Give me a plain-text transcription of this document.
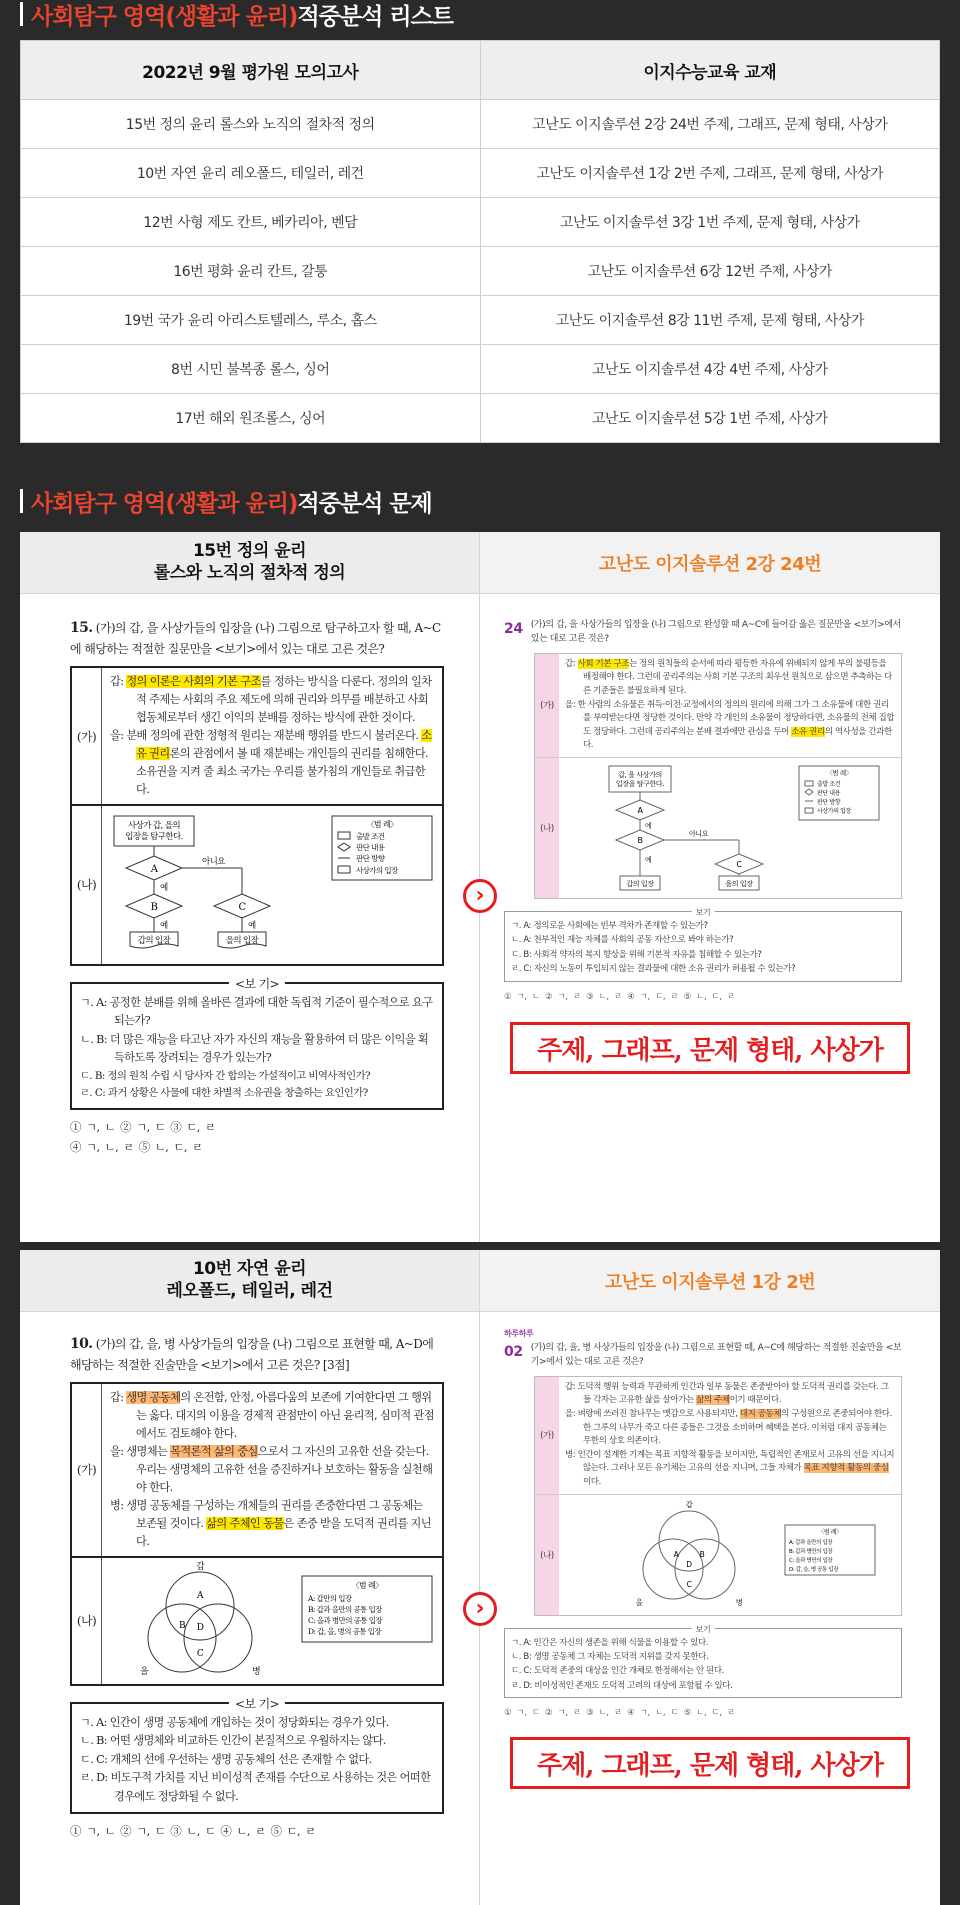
사회탐구 영역(생활과 윤리) 적중분석 리스트
2022년 9월 평가원 모의고사	이지수능교육 교재
15번 정의 윤리 롤스와 노직의 절차적 정의	고난도 이지솔루션 2강 24번 주제, 그래프, 문제 형태, 사상가
10번 자연 윤리 레오폴드, 테일러, 레건	고난도 이지솔루션 1강 2번 주제, 그래프, 문제 형태, 사상가
12번 사형 제도 칸트, 베카리아, 벤담	고난도 이지솔루션 3강 1번 주제, 문제 형태, 사상가
16번 평화 윤리 칸트, 갈퉁	고난도 이지솔루션 6강 12번 주제, 사상가
19번 국가 윤리 아리스토텔레스, 루소, 홉스	고난도 이지솔루션 8강 11번 주제, 문제 형태, 사상가
8번 시민 불복종 롤스, 싱어	고난도 이지솔루션 4강 4번 주제, 사상가
17번 해외 원조롤스, 싱어	고난도 이지솔루션 5강 1번 주제, 사상가
사회탐구 영역(생활과 윤리) 적중분석 문제
15번 정의 윤리
롤스와 노직의 절차적 정의	고난도 이지솔루션 2강 24번
15. (가)의 갑, 을 사상가들의 입장을 (나) 그림으로 탐구하고자 할 때, A~C에 해당하는 적절한 질문만을 <보기>에서 있는 대로 고른 것은?
(가)
갑: 정의 이론은 사회의 기본 구조를 정하는 방식을 다룬다. 정의의 일차적 주제는 사회의 주요 제도에 의해 권리와 의무를 배분하고 사회 협동체로부터 생긴 이익의 분배를 정하는 방식에 관한 것이다.
을: 분배 정의에 관한 정형적 원리는 재분배 행위를 반드시 불러온다. 소유 권리론의 관점에서 볼 때 재분배는 개인들의 권리를 침해한다. 소유권을 지켜 줄 최소 국가는 우리를 불가침의 개인들로 취급한다.
(나)
사상가 갑, 을의 입장을 탐구한다.
A
아니요
예
B	C
예	예
갑의 입장	을의 입장
〈범 례〉
출발 조건
판단 내용
판단 방향
사상가의 입장
<보 기>
ㄱ. A: 공정한 분배를 위해 올바른 결과에 대한 독립적 기준이 필수적으로 요구되는가?
ㄴ. B: 더 많은 재능을 타고난 자가 자신의 재능을 활용하여 더 많은 이익을 획득하도록 장려되는 경우가 있는가?
ㄷ. B: 정의 원칙 수립 시 당사자 간 합의는 가설적이고 비역사적인가?
ㄹ. C: 과거 상황은 사물에 대한 차별적 소유권을 창출하는 요인인가?
① ㄱ, ㄴ ② ㄱ, ㄷ ③ ㄷ, ㄹ
④ ㄱ, ㄴ, ㄹ ⑤ ㄴ, ㄷ, ㄹ
24 (가)의 갑, 을 사상가들의 입장을 (나) 그림으로 완성할 때 A~C에 들어갈 옳은 질문만을 <보기>에서 있는 대로 고른 것은?
(가)
갑: 사회 기본 구조는 정의 원칙들의 순서에 따라 평등한 자유에 위배되지 않게 부의 불평등을 배정해야 한다. 그런데 공리주의는 사회 기본 구조의 최우선 원칙으로 삼으면 추측하는 다른 기준들은 불필요하게 된다.
을: 한 사람의 소유물은 취득·이전·교정에서의 정의의 원리에 의해 그가 그 소유물에 대한 권리를 부여받는다면 정당한 것이다. 만약 각 개인의 소유물이 정당하다면, 소유물의 전체 집합도 정당하다. 그런데 공리주의는 분배 결과에만 관심을 두어 소유 권리의 역사성을 간과한다.
(나)
갑, 을 사상가의 입장을 탐구한다.
A
예
B
아니요
C
예
갑의 입장	을의 입장
〈범 례〉
출발 조건
판단 내용
판단 방향
사상가의 입장
보기
ㄱ. A: 정의로운 사회에는 빈부 격차가 존재할 수 있는가?
ㄴ. A: 천부적인 재능 자체를 사회의 공동 자산으로 봐야 하는가?
ㄷ. B: 사회적 약자의 복지 향상을 위해 기본적 자유를 침해할 수 있는가?
ㄹ. C: 자신의 노동이 투입되지 않는 결과물에 대한 소유 권리가 허용될 수 있는가?
① ㄱ, ㄴ ② ㄱ, ㄹ ③ ㄴ, ㄹ ④ ㄱ, ㄷ, ㄹ ⑤ ㄴ, ㄷ, ㄹ
주제, 그래프, 문제 형태, 사상가
›
10번 자연 윤리
레오폴드, 테일러, 레건	고난도 이지솔루션 1강 2번
10. (가)의 갑, 을, 병 사상가들의 입장을 (나) 그림으로 표현할 때, A~D에 해당하는 적절한 진술만을 <보기>에서 고른 것은? [3점]
(가)
갑: 생명 공동체의 온전함, 안정, 아름다움의 보존에 기여한다면 그 행위는 옳다. 대지의 이용을 경제적 관점만이 아닌 윤리적, 심미적 관점에서도 검토해야 한다.
을: 생명체는 목적론적 삶의 중심으로서 그 자신의 고유한 선을 갖는다. 우리는 생명체의 고유한 선을 증진하거나 보호하는 활동을 실천해야 한다.
병: 생명 공동체를 구성하는 개체들의 권리를 존중한다면 그 공동체는 보존될 것이다. 삶의 주체인 동물은 존중 받을 도덕적 권리를 지닌다.
(나)
갑
을	병
A
B
C
D
〈범 례〉
A: 갑만의 입장
B: 갑과 을만의 공통 입장
C: 을과 병만의 공통 입장
D: 갑, 을, 병의 공통 입장
<보 기>
ㄱ. A: 인간이 생명 공동체에 개입하는 것이 정당화되는 경우가 있다.
ㄴ. B: 어떤 생명체와 비교하든 인간이 본질적으로 우월하지는 않다.
ㄷ. C: 개체의 선에 우선하는 생명 공동체의 선은 존재할 수 없다.
ㄹ. D: 비도구적 가치를 지닌 비이성적 존재를 수단으로 사용하는 것은 어떠한 경우에도 정당화될 수 없다.
① ㄱ, ㄴ ② ㄱ, ㄷ ③ ㄴ, ㄷ ④ ㄴ, ㄹ ⑤ ㄷ, ㄹ
하루하루
02 (가)의 갑, 을, 병 사상가들의 입장을 (나) 그림으로 표현할 때, A~C에 해당하는 적절한 진술만을 <보기>에서 있는 대로 고른 것은?
(가)
갑: 도덕적 행위 능력과 무관하게 인간과 일부 동물은 존중받아야 할 도덕적 권리를 갖는다. 그들 각자는 고유한 삶을 살아가는 삶의 주체이기 때문이다.
을: 벼랑에 쓰러진 참나무는 멧감으로 사용되지만, 대지 공동체의 구성원으로 존중되어야 한다. 한 그루의 나무가 죽고 다른 종들은 그것을 소비하며 혜택을 본다. 이처럼 대지 공동체는 무한의 상호 의존이다.
병: 인간이 설계한 기계는 목표 지향적 활동을 보이지만, 독립적인 존재로서 고유의 선을 지니지 않는다. 그러나 모든 유기체는 고유의 선을 지니며, 그들 자체가 목표 지향적 활동의 중심이다.
(나)
갑
을	병
A	B
C
D
〈범 례〉
A: 갑과 을만의 입장
B: 갑과 병만의 입장
C: 을과 병만의 입장
D: 갑, 을, 병 공통 입장
보기
ㄱ. A: 인간은 자신의 생존을 위해 식물을 이용할 수 있다.
ㄴ. B: 생명 공동체 그 자체는 도덕적 지위를 갖지 못한다.
ㄷ. C: 도덕적 존중의 대상을 인간 개체로 한정해서는 안 된다.
ㄹ. D: 비이성적인 존재도 도덕적 고려의 대상에 포함될 수 있다.
① ㄱ, ㄷ ② ㄱ, ㄹ ③ ㄴ, ㄹ ④ ㄱ, ㄴ, ㄷ ⑤ ㄴ, ㄷ, ㄹ
주제, 그래프, 문제 형태, 사상가
›
